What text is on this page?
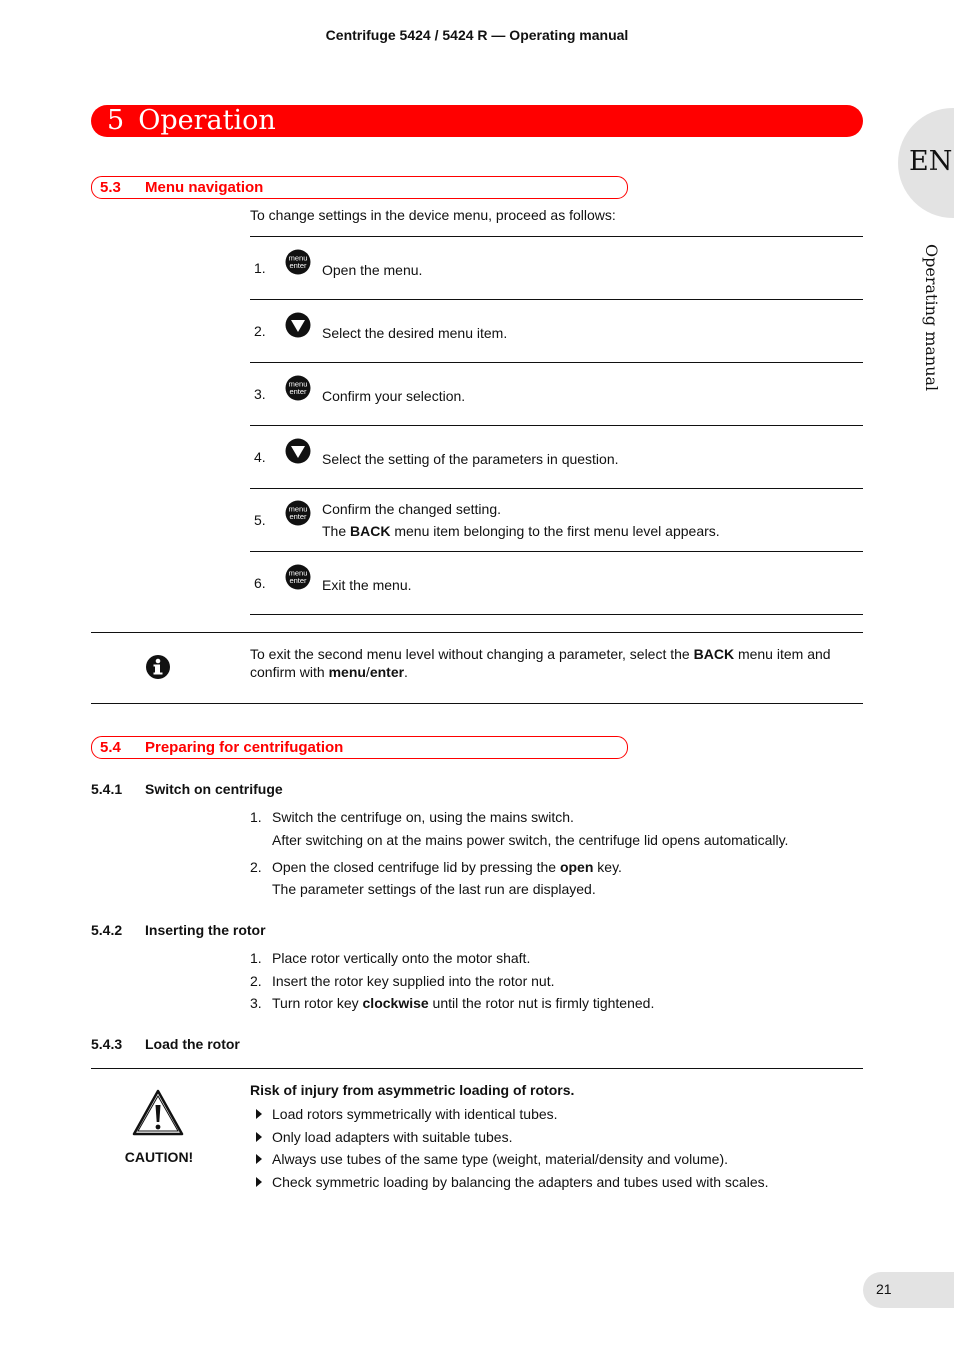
Centrifuge 5424 / 5424 R — Operating manual
5 Operation
EN
Operating manual
5.3 Menu navigation
To change settings in the device menu, proceed as follows:
1.
menu
enter Open the menu.
2.	Select the desired menu item.
3.
menu
enter Confirm your selection.
4.	Select the setting of the parameters in question.
5.
menu
enter Confirm the changed setting.
The BACK menu item belonging to the first menu level appears.
6.
menu
enter Exit the menu.
To exit the second menu level without changing a parameter, select the BACK menu item and confirm with menu/enter.
5.4 Preparing for centrifugation
5.4.1 Switch on centrifuge
1. Switch the centrifuge on, using the mains switch.
After switching on at the mains power switch, the centrifuge lid opens automatically.
2. Open the closed centrifuge lid by pressing the open key.
The parameter settings of the last run are displayed.
5.4.2 Inserting the rotor
1. Place rotor vertically onto the motor shaft.
2. Insert the rotor key supplied into the rotor nut.
3. Turn rotor key clockwise until the rotor nut is firmly tightened.
5.4.3 Load the rotor
CAUTION!
Risk of injury from asymmetric loading of rotors.
Load rotors symmetrically with identical tubes.
Only load adapters with suitable tubes.
Always use tubes of the same type (weight, material/density and volume).
Check symmetric loading by balancing the adapters and tubes used with scales.
21
